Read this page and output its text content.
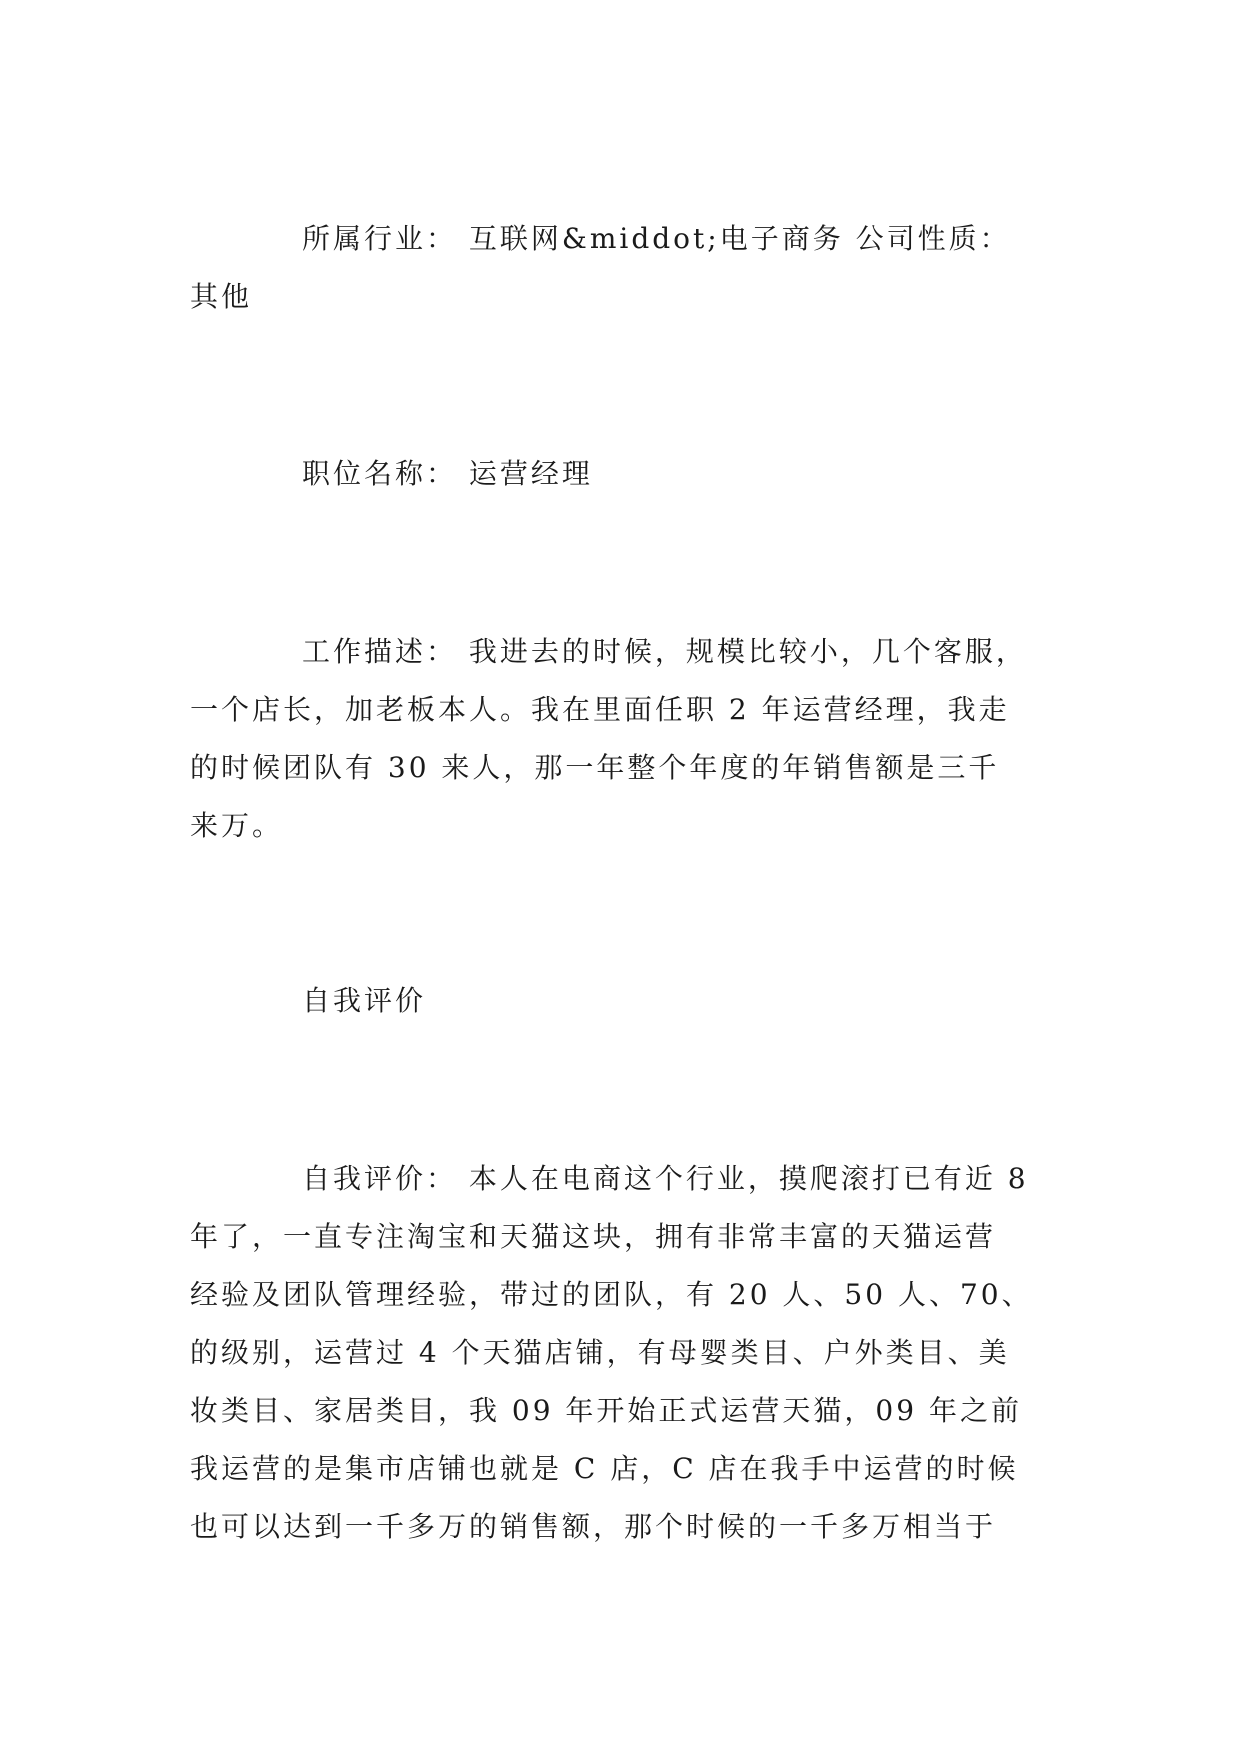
所属行业： 互联网&middot;电子商务 公司性质：
其他

职位名称： 运营经理

工作描述： 我进去的时候，规模比较小，几个客服，
一个店长，加老板本人。我在里面任职 2 年运营经理，我走
的时候团队有 30 来人，那一年整个年度的年销售额是三千
来万。

自我评价

自我评价： 本人在电商这个行业，摸爬滚打已有近 8
年了，一直专注淘宝和天猫这块，拥有非常丰富的天猫运营
经验及团队管理经验，带过的团队，有 20 人、50 人、70、
的级别，运营过 4 个天猫店铺，有母婴类目、户外类目、美
妆类目、家居类目，我 09 年开始正式运营天猫，09 年之前
我运营的是集市店铺也就是 C 店，C 店在我手中运营的时候
也可以达到一千多万的销售额，那个时候的一千多万相当于
